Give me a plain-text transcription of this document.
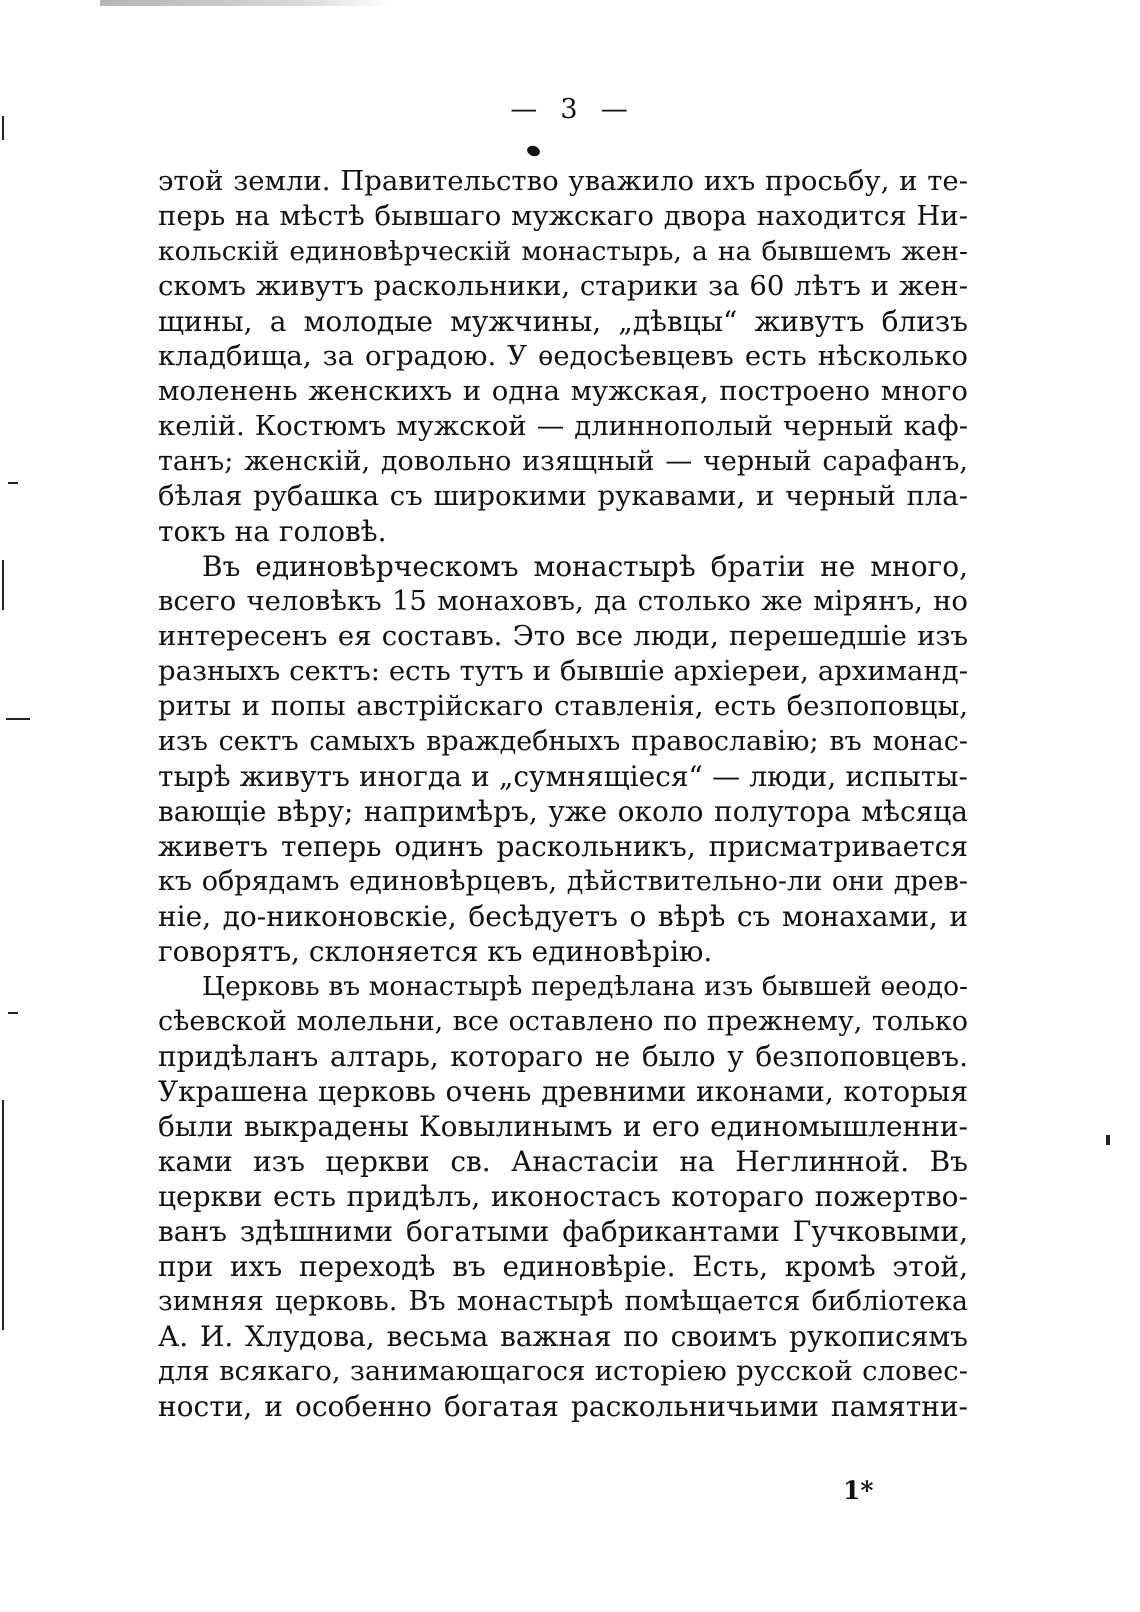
—  3  —
этой земли. Правительство уважило ихъ просьбу, и те-
перь на мѣстѣ бывшаго мужскаго двора находится Ни-
кольскій единовѣрческій монастырь, а на бывшемъ жен-
скомъ живутъ раскольники, старики за 60 лѣтъ и жен-
щины, а молодые мужчины, „дѣвцы“ живутъ близъ
кладбища, за оградою. У ѳедосѣевцевъ есть нѣсколько
моленень женскихъ и одна мужская, построено много
келій. Костюмъ мужской — длиннополый черный каф-
танъ; женскій, довольно изящный — черный сарафанъ,
бѣлая рубашка съ широкими рукавами, и черный пла-
токъ на головѣ.
Въ единовѣрческомъ монастырѣ братіи не много,
всего человѣкъ 15 монаховъ, да столько же мірянъ, но
интересенъ ея составъ. Это все люди, перешедшіе изъ
разныхъ сектъ: есть тутъ и бывшіе архіереи, архиманд-
риты и попы австрійскаго ставленія, есть безпоповцы,
изъ сектъ самыхъ враждебныхъ православію; въ монас-
тырѣ живутъ иногда и „сумнящіеся“ — люди, испыты-
вающіе вѣру; напримѣръ, уже около полутора мѣсяца
живетъ теперь одинъ раскольникъ, присматривается
къ обрядамъ единовѣрцевъ, дѣйствительно-ли они древ-
ніе, до-никоновскіе, бесѣдуетъ о вѣрѣ съ монахами, и
говорятъ, склоняется къ единовѣрію.
Церковь въ монастырѣ передѣлана изъ бывшей ѳеодо-
сѣевской молельни, все оставлено по прежнему, только
придѣланъ алтарь, котораго не было у безпоповцевъ.
Украшена церковь очень древними иконами, которыя
были выкрадены Ковылинымъ и его единомышленни-
ками изъ церкви св. Анастасіи на Неглинной. Въ
церкви есть придѣлъ, иконостасъ котораго пожертво-
ванъ здѣшними богатыми фабрикантами Гучковыми,
при ихъ переходѣ въ единовѣріе. Есть, кромѣ этой,
зимняя церковь. Въ монастырѣ помѣщается библіотека
А. И. Хлудова, весьма важная по своимъ рукописямъ
для всякаго, занимающагося исторіею русской словес-
ности, и особенно богатая раскольничьими памятни-
1*
